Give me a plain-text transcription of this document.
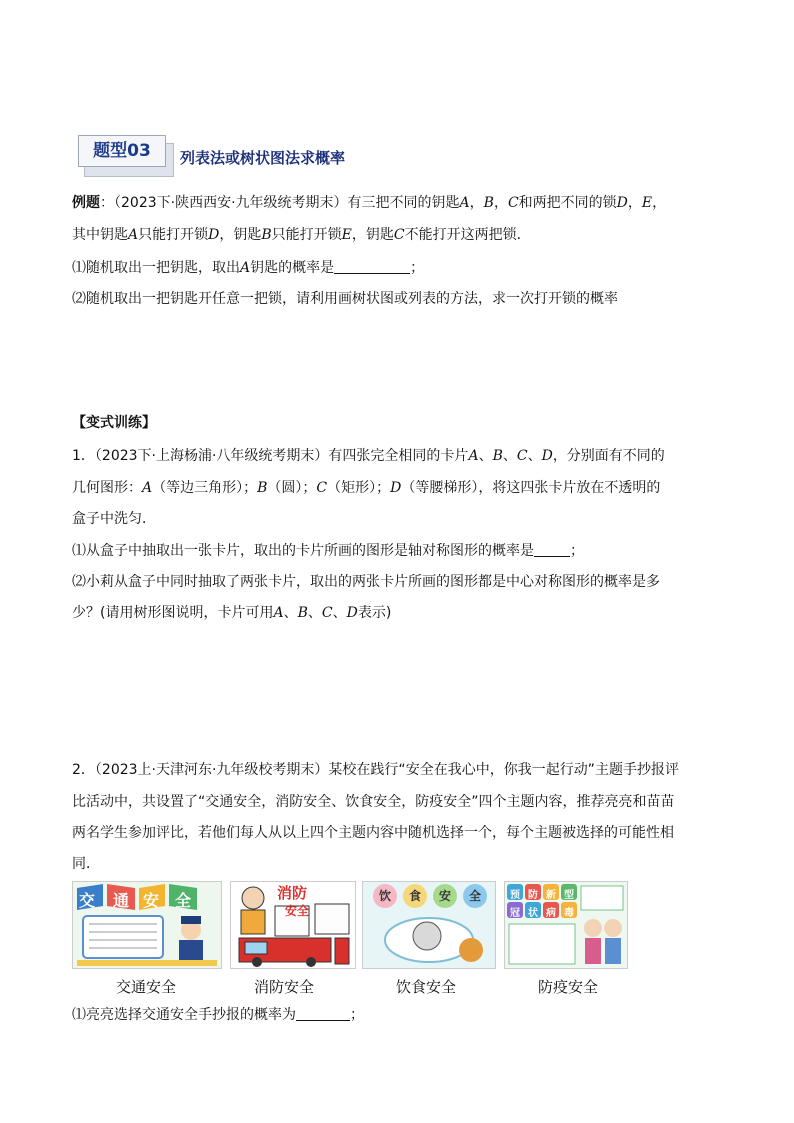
题型03	列表法或树状图法求概率
例题：（2023下·陕西西安·九年级统考期末）有三把不同的钥匙A，B，C和两把不同的锁D，E，
其中钥匙A只能打开锁D，钥匙B只能打开锁E，钥匙C不能打开这两把锁．
⑴随机取出一把钥匙，取出A钥匙的概率是	；
⑵随机取出一把钥匙开任意一把锁，请利用画树状图或列表的方法，求一次打开锁的概率
【变式训练】
1．（2023下·上海杨浦·八年级统考期末）有四张完全相同的卡片A、B、C、D，分别面有不同的
几何图形：A（等边三角形）；B（圆）；C（矩形）；D（等腰梯形），将这四张卡片放在不透明的
盒子中洗匀．
⑴从盒子中抽取出一张卡片，取出的卡片所画的图形是轴对称图形的概率是	；
⑵小莉从盒子中同时抽取了两张卡片，取出的两张卡片所画的图形都是中心对称图形的概率是多
少？(请用树形图说明，卡片可用A、B、C、D表示)
2．（2023上·天津河东·九年级校考期末）某校在践行“安全在我心中，你我一起行动”主题手抄报评
比活动中，共设置了“交通安全，消防安全、饮食安全，防疫安全”四个主题内容，推荐亮亮和苗苗
两名学生参加评比，若他们每人从以上四个主题内容中随机选择一个，每个主题被选择的可能性相
同．
交 通 安 全	消防
安全
饮 食 安 全	预 防 新 型
冠 状 病 毒
交通安全	消防安全	饮食安全	防疫安全
⑴亮亮选择交通安全手抄报的概率为	；
